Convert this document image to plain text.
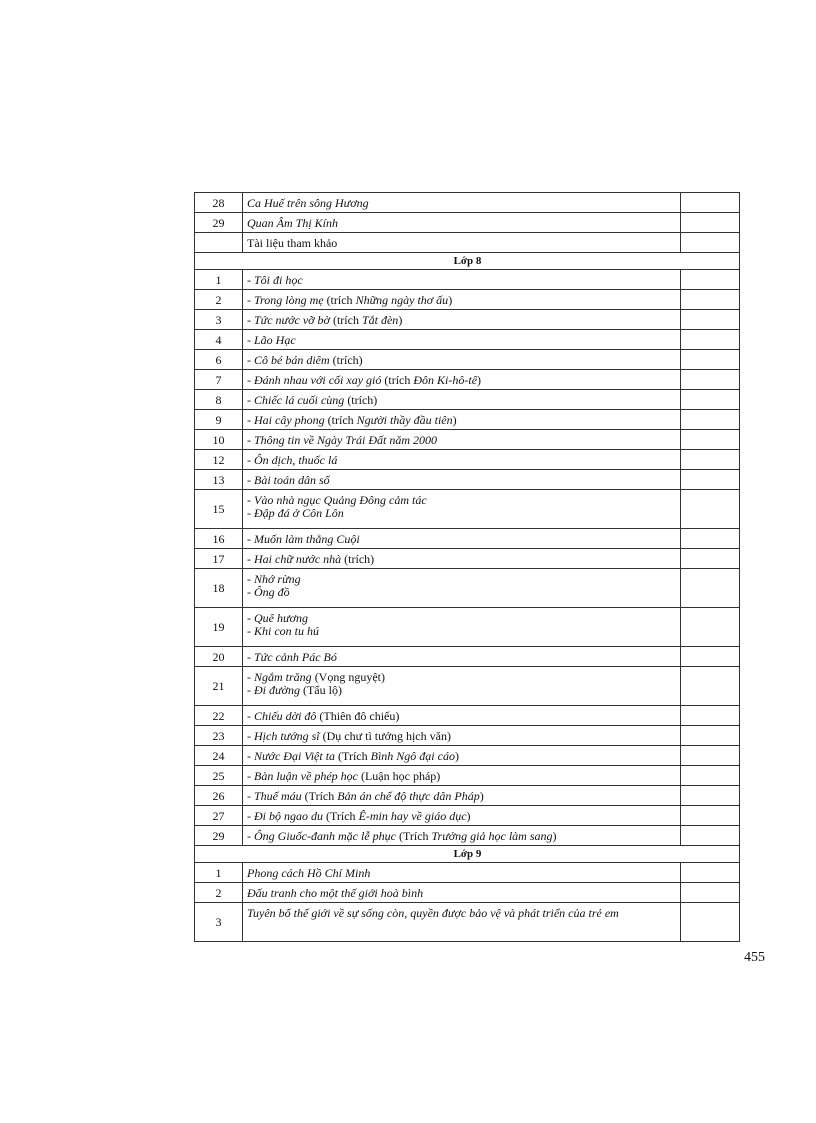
28	Ca Huế trên sông Hương	

29	Quan Âm Thị Kính	

	Tài liệu tham khảo	

Lớp 8		
1	- Tôi đi học	

2	- Trong lòng mẹ (trích Những ngày thơ ấu)	

3	- Tức nước vỡ bờ (trích Tắt đèn)	

4	- Lão Hạc	

6	- Cô bé bán diêm (trích)	

7	- Đánh nhau với cối xay gió (trích Đôn Ki-hô-tê)	

8	- Chiếc lá cuối cùng (trích)	

9	- Hai cây phong (trích Người thầy đầu tiên)	

10	- Thông tin về Ngày Trái Đất năm 2000	

12	- Ôn dịch, thuốc lá	

13	- Bài toán dân số	

15	- Vào nhà ngục Quảng Đông cảm tác
- Đập đá ở Côn Lôn	

16	- Muốn làm thằng Cuội	

17	- Hai chữ nước nhà (trích)	

18	- Nhớ rừng
- Ông đồ	

19	- Quê hương
- Khi con tu hú	

20	- Tức cảnh Pác Bó	

21	- Ngắm trăng (Vọng nguyệt)
- Đi đường (Tẩu lộ)	

22	- Chiếu dời đô (Thiên đô chiếu)	

23	- Hịch tướng sĩ (Dụ chư tì tướng hịch văn)	

24	- Nước Đại Việt ta (Trích Bình Ngô đại cáo)	

25	- Bàn luận về phép học (Luận học pháp)	

26	- Thuế máu (Trích Bản án chế độ thực dân Pháp)	

27	- Đi bộ ngao du (Trích Ê-min hay về giáo dục)	

29	- Ông Giuốc-đanh mặc lễ phục (Trích Trưởng giả học làm sang)	

Lớp 9		
1	Phong cách Hồ Chí Minh	

2	Đấu tranh cho một thế giới hoà bình	

3	Tuyên bố thế giới về sự sống còn, quyền được bảo vệ và phát triển của trẻ em	

455
